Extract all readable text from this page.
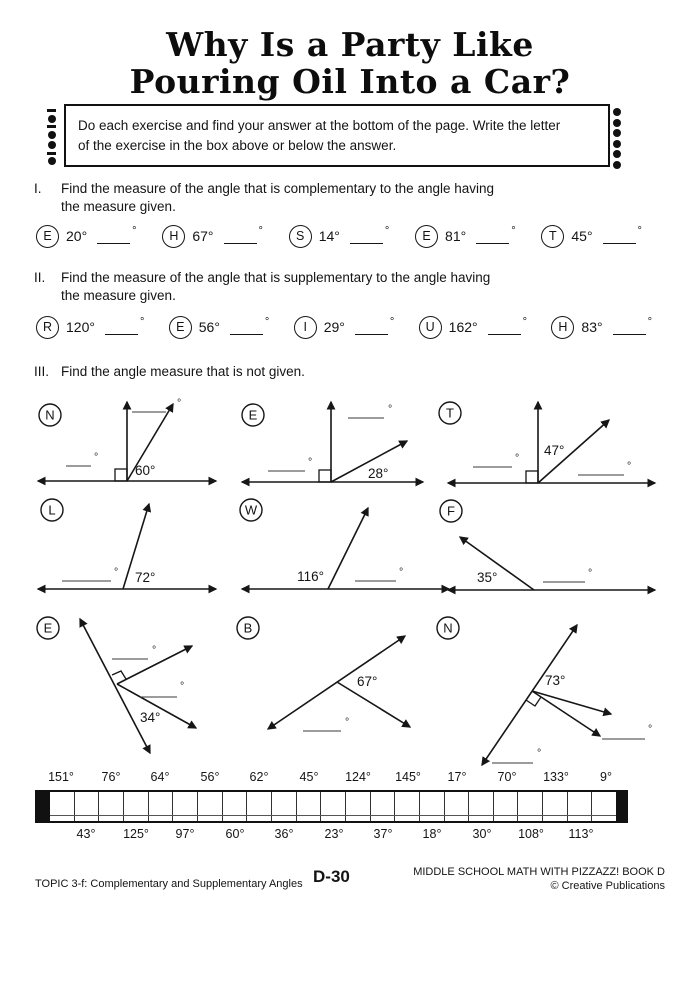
Why Is a Party Like
Pouring Oil Into a Car?
Do each exercise and find your answer at the bottom of the page. Write the letter
of the exercise in the box above or below the answer.
I.	Find the measure of the angle that is complementary to the angle having
the measure given.
E	20°	°	H 67°	°	S	14°	°	E	81°	°	T	45°	°
II.	Find the measure of the angle that is supplementary to the angle having
the measure given.
R 120°	°	E	56°	°	I	29°	°	U 162°	°	H 83°	°
III. Find the angle measure that is not given.
N
60°
°
°
E
28°
°
°
T
47°
°
°
L
72°
°
W
116°	°
F
35°	°
E
°
°
34°
B
67°
°
N
73°
°
°
151° 76° 64° 56° 62° 45° 124° 145° 17° 70° 133° 9°
43° 125° 97° 60° 36° 23° 37° 18° 30° 108° 113°
TOPIC 3-f: Complementary and Supplementary Angles D-30	MIDDLE SCHOOL MATH WITH PIZZAZZ! BOOK D
© Creative Publications
